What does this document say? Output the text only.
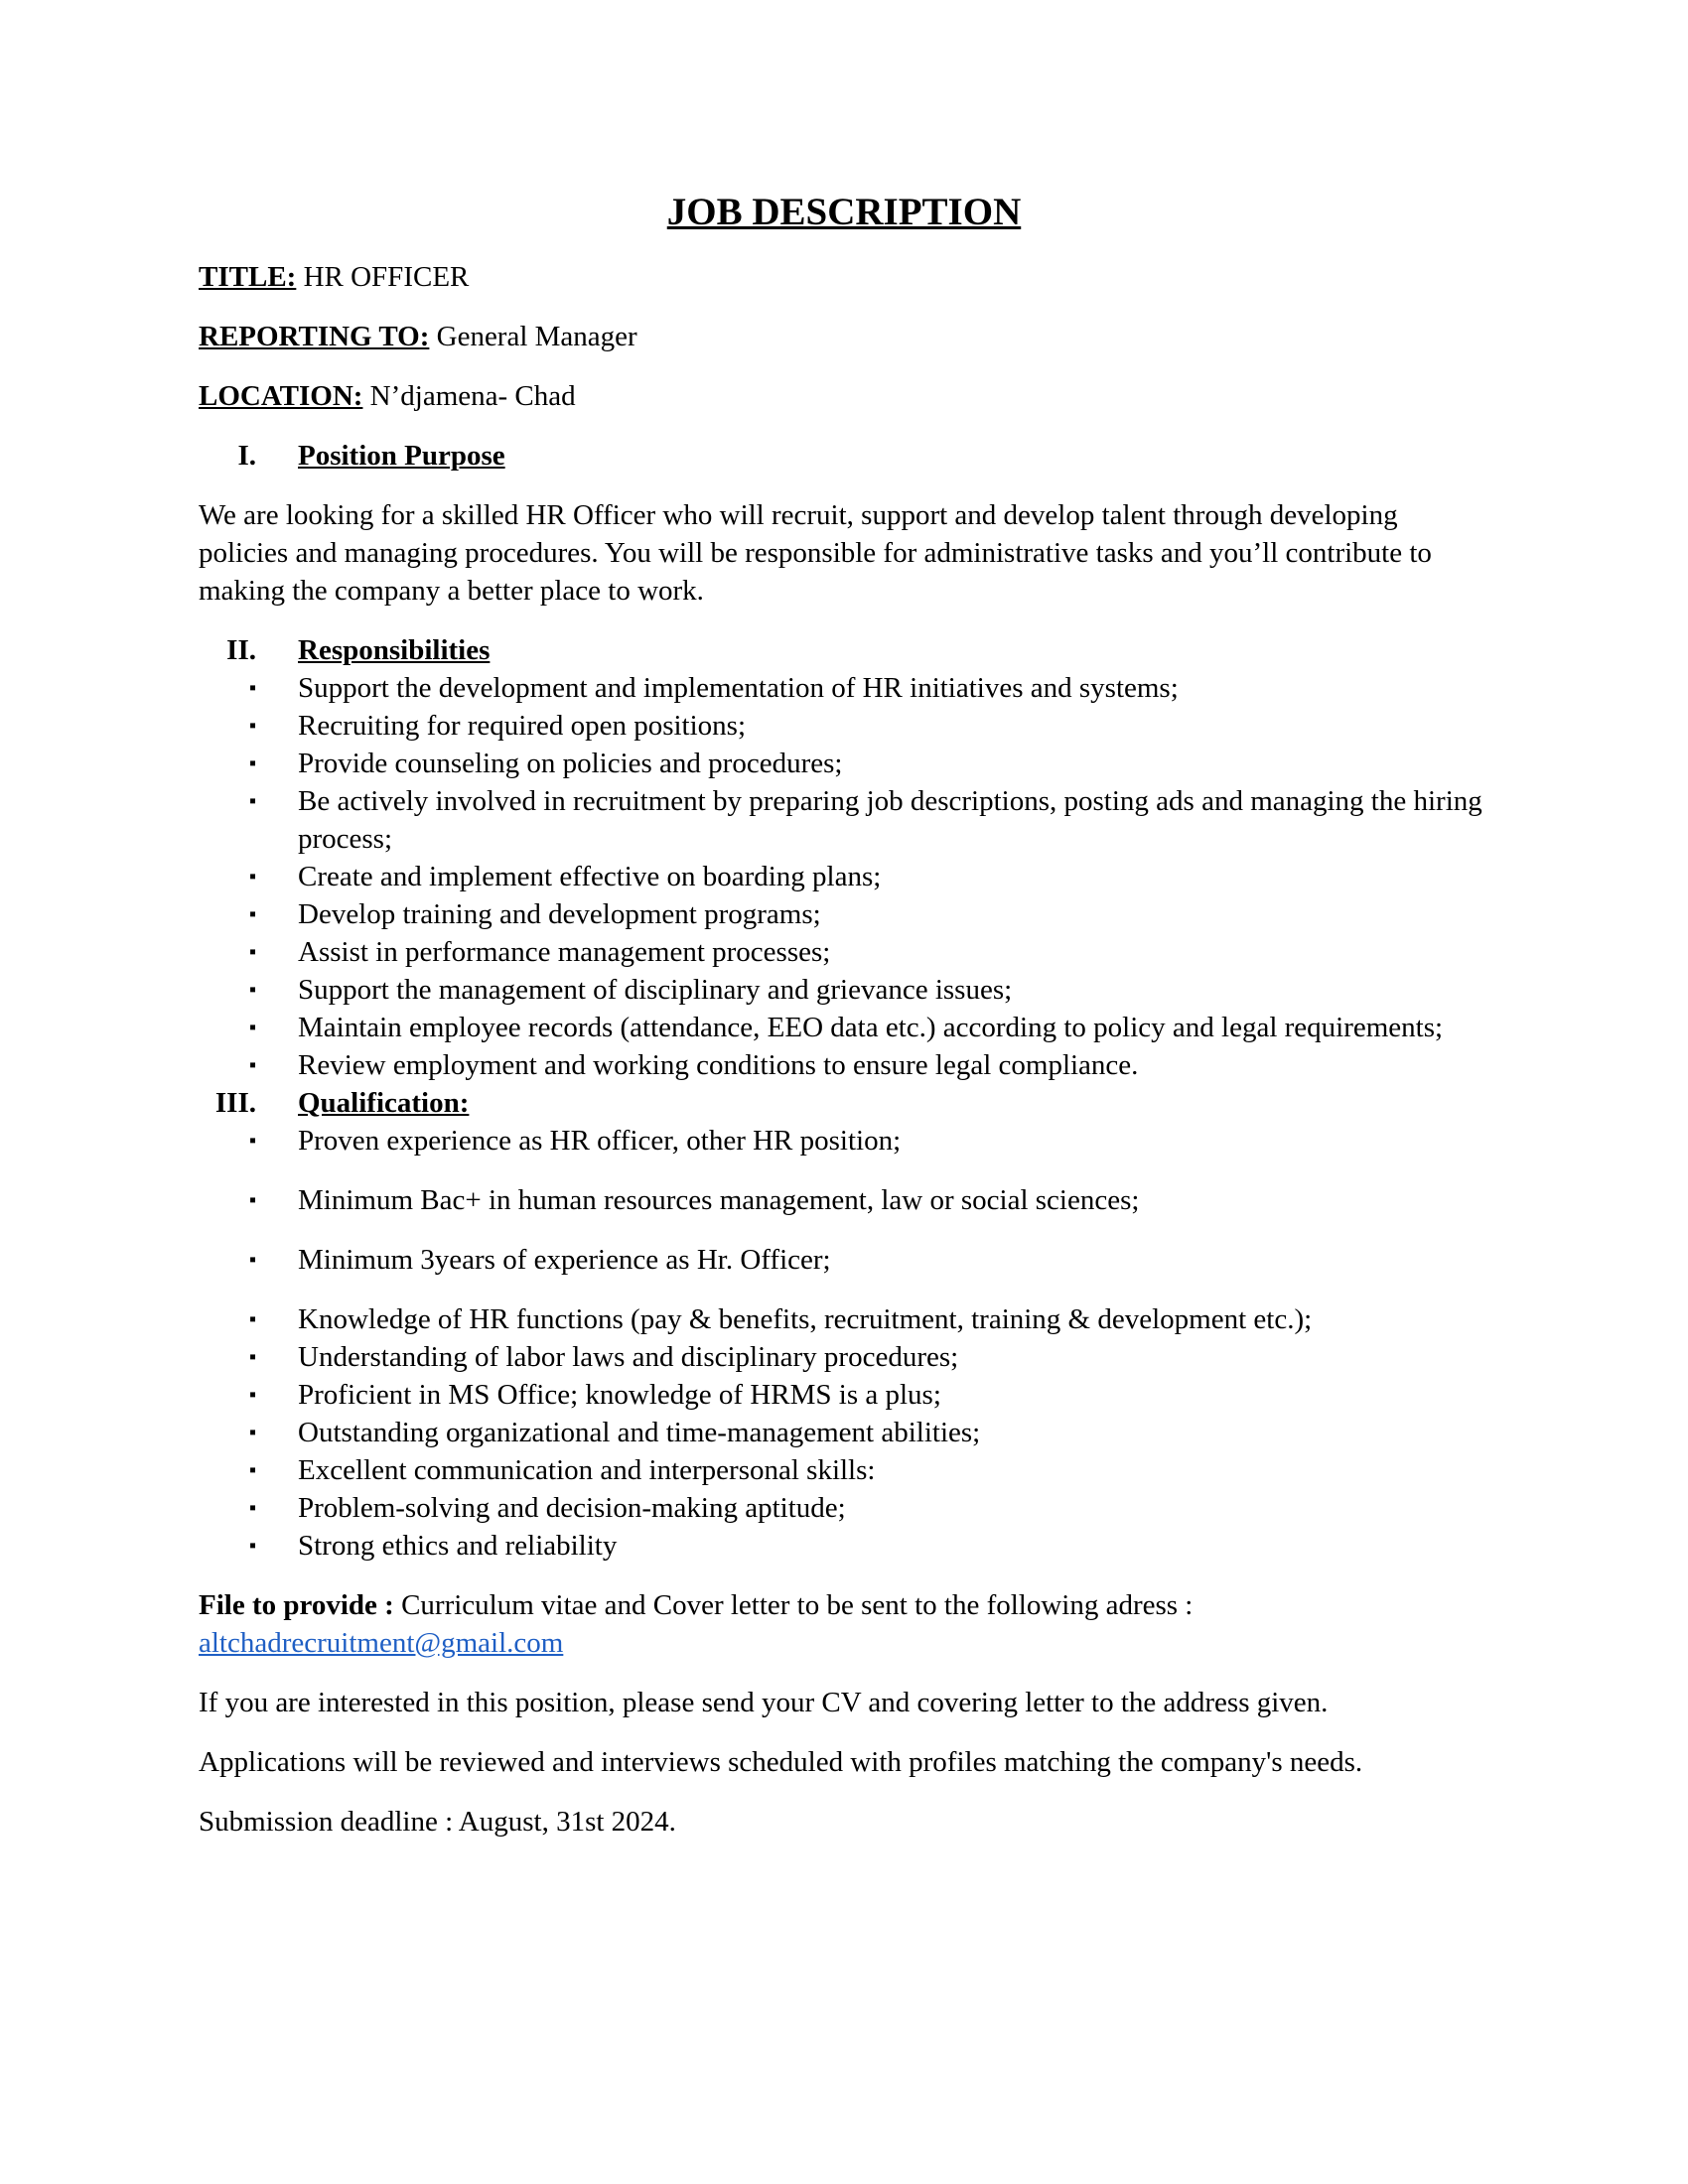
JOB DESCRIPTION
TITLE: HR OFFICER
REPORTING TO: General Manager
LOCATION: N’djamena- Chad
I. Position Purpose
We are looking for a skilled HR Officer who will recruit, support and develop talent through developing policies and managing procedures. You will be responsible for administrative tasks and you’ll contribute to making the company a better place to work.
II. Responsibilities
▪ Support the development and implementation of HR initiatives and systems;
▪ Recruiting for required open positions;
▪ Provide counseling on policies and procedures;
▪ Be actively involved in recruitment by preparing job descriptions, posting ads and managing the hiring process;
▪ Create and implement effective on boarding plans;
▪ Develop training and development programs;
▪ Assist in performance management processes;
▪ Support the management of disciplinary and grievance issues;
▪ Maintain employee records (attendance, EEO data etc.) according to policy and legal requirements;
▪ Review employment and working conditions to ensure legal compliance.
III. Qualification:
▪ Proven experience as HR officer, other HR position;
▪ Minimum Bac+ in human resources management, law or social sciences;
▪ Minimum 3years of experience as Hr. Officer;
▪ Knowledge of HR functions (pay & benefits, recruitment, training & development etc.);
▪ Understanding of labor laws and disciplinary procedures;
▪ Proficient in MS Office; knowledge of HRMS is a plus;
▪ Outstanding organizational and time-management abilities;
▪ Excellent communication and interpersonal skills:
▪ Problem-solving and decision-making aptitude;
▪ Strong ethics and reliability
File to provide : Curriculum vitae and Cover letter to be sent to the following adress :
altchadrecruitment@gmail.com
If you are interested in this position, please send your CV and covering letter to the address given.
Applications will be reviewed and interviews scheduled with profiles matching the company's needs.
Submission deadline : August, 31st 2024.
